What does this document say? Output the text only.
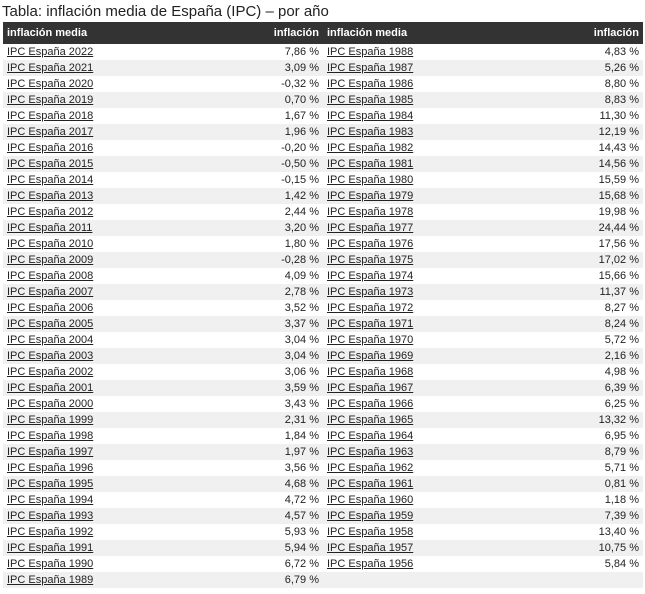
Tabla: inflación media de España (IPC) – por año
inflación media	inflación	inflación media	inflación
IPC España 2022	7,86 %	IPC España 1988	4,83 %
IPC España 2021	3,09 %	IPC España 1987	5,26 %
IPC España 2020	-0,32 %	IPC España 1986	8,80 %
IPC España 2019	0,70 %	IPC España 1985	8,83 %
IPC España 2018	1,67 %	IPC España 1984	11,30 %
IPC España 2017	1,96 %	IPC España 1983	12,19 %
IPC España 2016	-0,20 %	IPC España 1982	14,43 %
IPC España 2015	-0,50 %	IPC España 1981	14,56 %
IPC España 2014	-0,15 %	IPC España 1980	15,59 %
IPC España 2013	1,42 %	IPC España 1979	15,68 %
IPC España 2012	2,44 %	IPC España 1978	19,98 %
IPC España 2011	3,20 %	IPC España 1977	24,44 %
IPC España 2010	1,80 %	IPC España 1976	17,56 %
IPC España 2009	-0,28 %	IPC España 1975	17,02 %
IPC España 2008	4,09 %	IPC España 1974	15,66 %
IPC España 2007	2,78 %	IPC España 1973	11,37 %
IPC España 2006	3,52 %	IPC España 1972	8,27 %
IPC España 2005	3,37 %	IPC España 1971	8,24 %
IPC España 2004	3,04 %	IPC España 1970	5,72 %
IPC España 2003	3,04 %	IPC España 1969	2,16 %
IPC España 2002	3,06 %	IPC España 1968	4,98 %
IPC España 2001	3,59 %	IPC España 1967	6,39 %
IPC España 2000	3,43 %	IPC España 1966	6,25 %
IPC España 1999	2,31 %	IPC España 1965	13,32 %
IPC España 1998	1,84 %	IPC España 1964	6,95 %
IPC España 1997	1,97 %	IPC España 1963	8,79 %
IPC España 1996	3,56 %	IPC España 1962	5,71 %
IPC España 1995	4,68 %	IPC España 1961	0,81 %
IPC España 1994	4,72 %	IPC España 1960	1,18 %
IPC España 1993	4,57 %	IPC España 1959	7,39 %
IPC España 1992	5,93 %	IPC España 1958	13,40 %
IPC España 1991	5,94 %	IPC España 1957	10,75 %
IPC España 1990	6,72 %	IPC España 1956	5,84 %
IPC España 1989	6,79 %		
